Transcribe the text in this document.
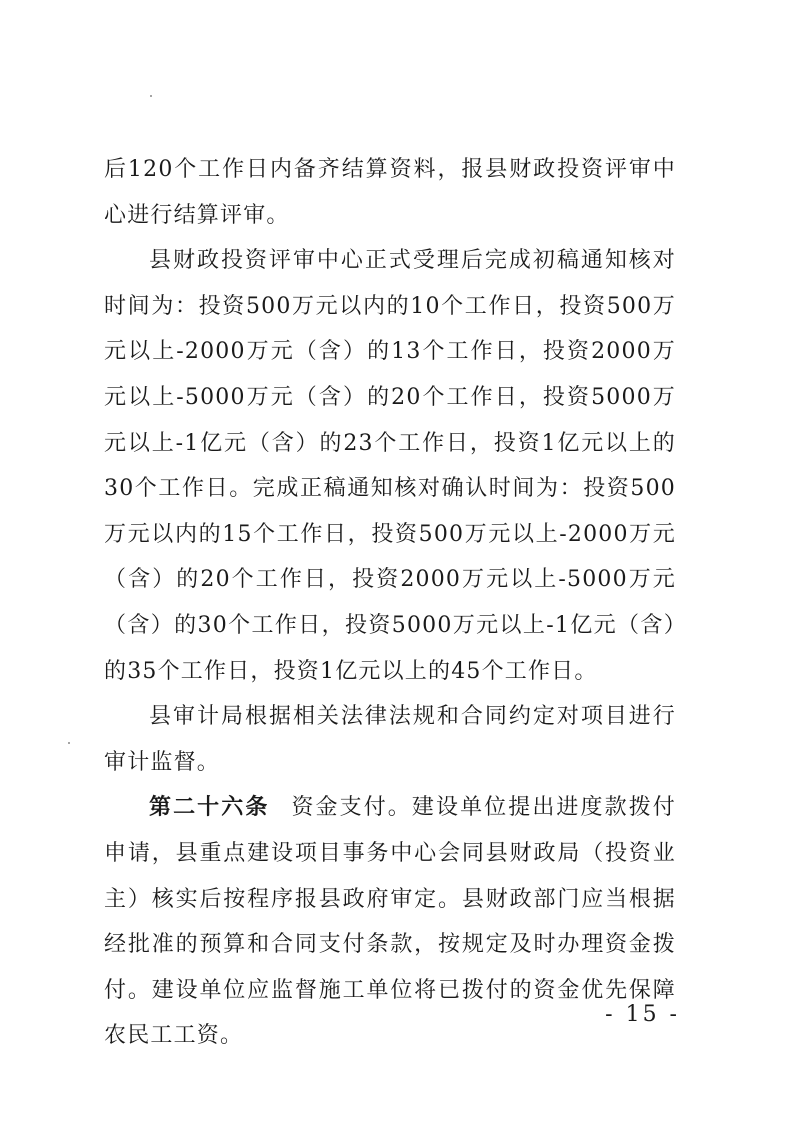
后120个工作日内备齐结算资料，报县财政投资评审中心进行结算评审。

县财政投资评审中心正式受理后完成初稿通知核对时间为：投资500万元以内的10个工作日，投资500万元以上-2000万元（含）的13个工作日，投资2000万元以上-5000万元（含）的20个工作日，投资5000万元以上-1亿元（含）的23个工作日，投资1亿元以上的30个工作日。完成正稿通知核对确认时间为：投资500万元以内的15个工作日，投资500万元以上-2000万元（含）的20个工作日，投资2000万元以上-5000万元（含）的30个工作日，投资5000万元以上-1亿元（含）的35个工作日，投资1亿元以上的45个工作日。

县审计局根据相关法律法规和合同约定对项目进行审计监督。

第二十六条 资金支付。建设单位提出进度款拨付申请，县重点建设项目事务中心会同县财政局（投资业主）核实后按程序报县政府审定。县财政部门应当根据经批准的预算和合同支付条款，按规定及时办理资金拨付。建设单位应监督施工单位将已拨付的资金优先保障农民工工资。

- 15 -
